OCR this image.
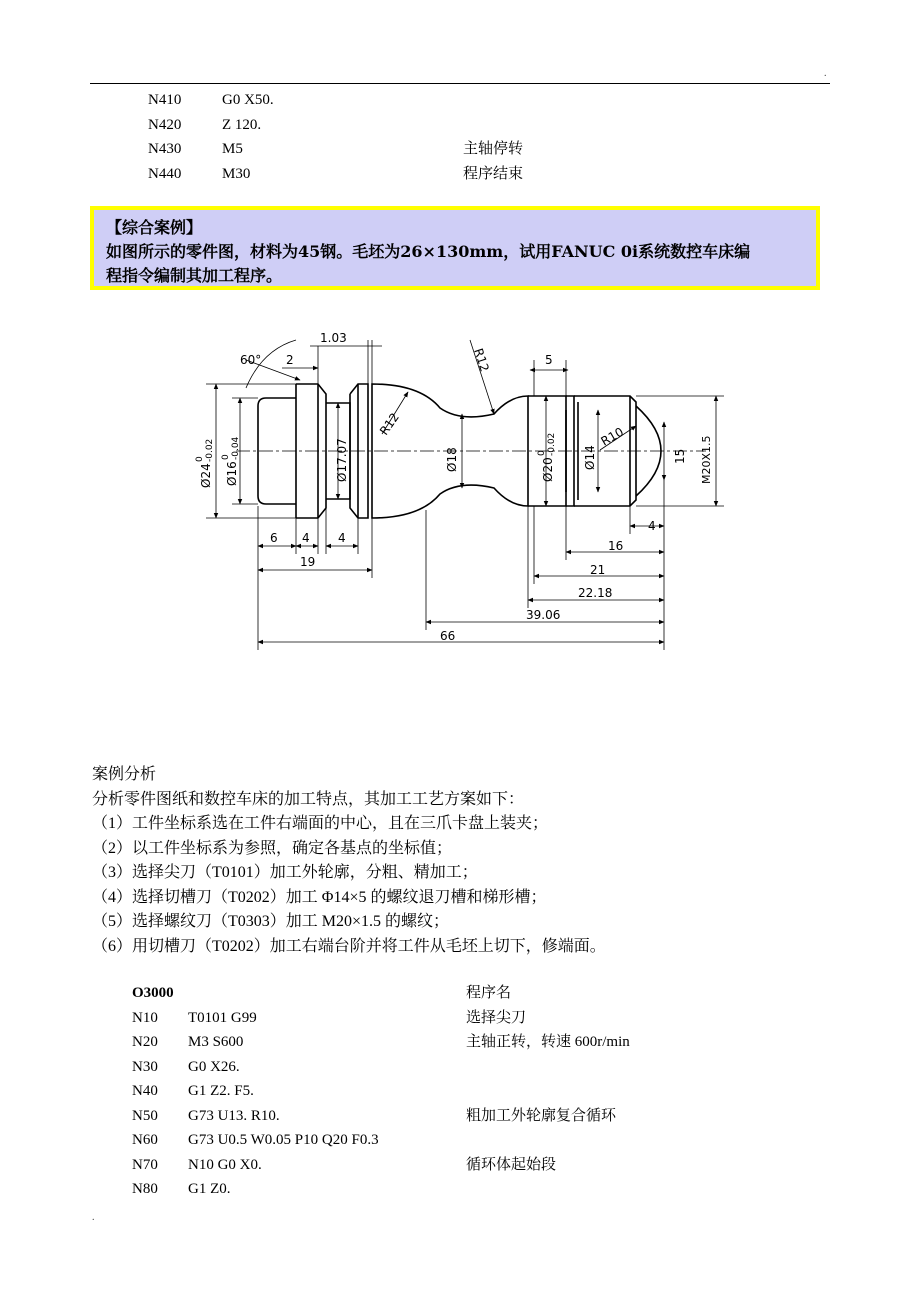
.
N410	G0 X50.
N420	Z 120.
N430	M5	主轴停转
N440	M30	程序结束

【综合案例】

如图所示的零件图，材料为45钢。毛坯为26×130mm，试用FANUC 0i系统数控车床编

程指令编制其加工程序。

60° 2
1.03
R12
R12
5
R10
Ø24
0 -0.02
Ø16
0 -0.04	Ø17.07	Ø18	Ø20
0 -0.02
Ø14	15 M20X1.5
6 4 4
19
4
16
21
22.18
39.06
66
案例分析
分析零件图纸和数控车床的加工特点，其加工工艺方案如下：
（1）工件坐标系选在工件右端面的中心，且在三爪卡盘上装夹；
（2）以工件坐标系为参照，确定各基点的坐标值；
（3）选择尖刀（T0101）加工外轮廓，分粗、精加工；
（4）选择切槽刀（T0202）加工 Φ14×5 的螺纹退刀槽和梯形槽；
（5）选择螺纹刀（T0303）加工 M20×1.5 的螺纹；
（6）用切槽刀（T0202）加工右端台阶并将工件从毛坯上切下，修端面。
O3000	程序名
N10 T0101 G99	选择尖刀
N20 M3 S600	主轴正转，转速 600r/min
N30 G0 X26.
N40 G1 Z2. F5.
N50 G73 U13. R10.	粗加工外轮廓复合循环
N60 G73 U0.5 W0.05 P10 Q20 F0.3
N70 N10 G0 X0.	循环体起始段
N80 G1 Z0.
.
